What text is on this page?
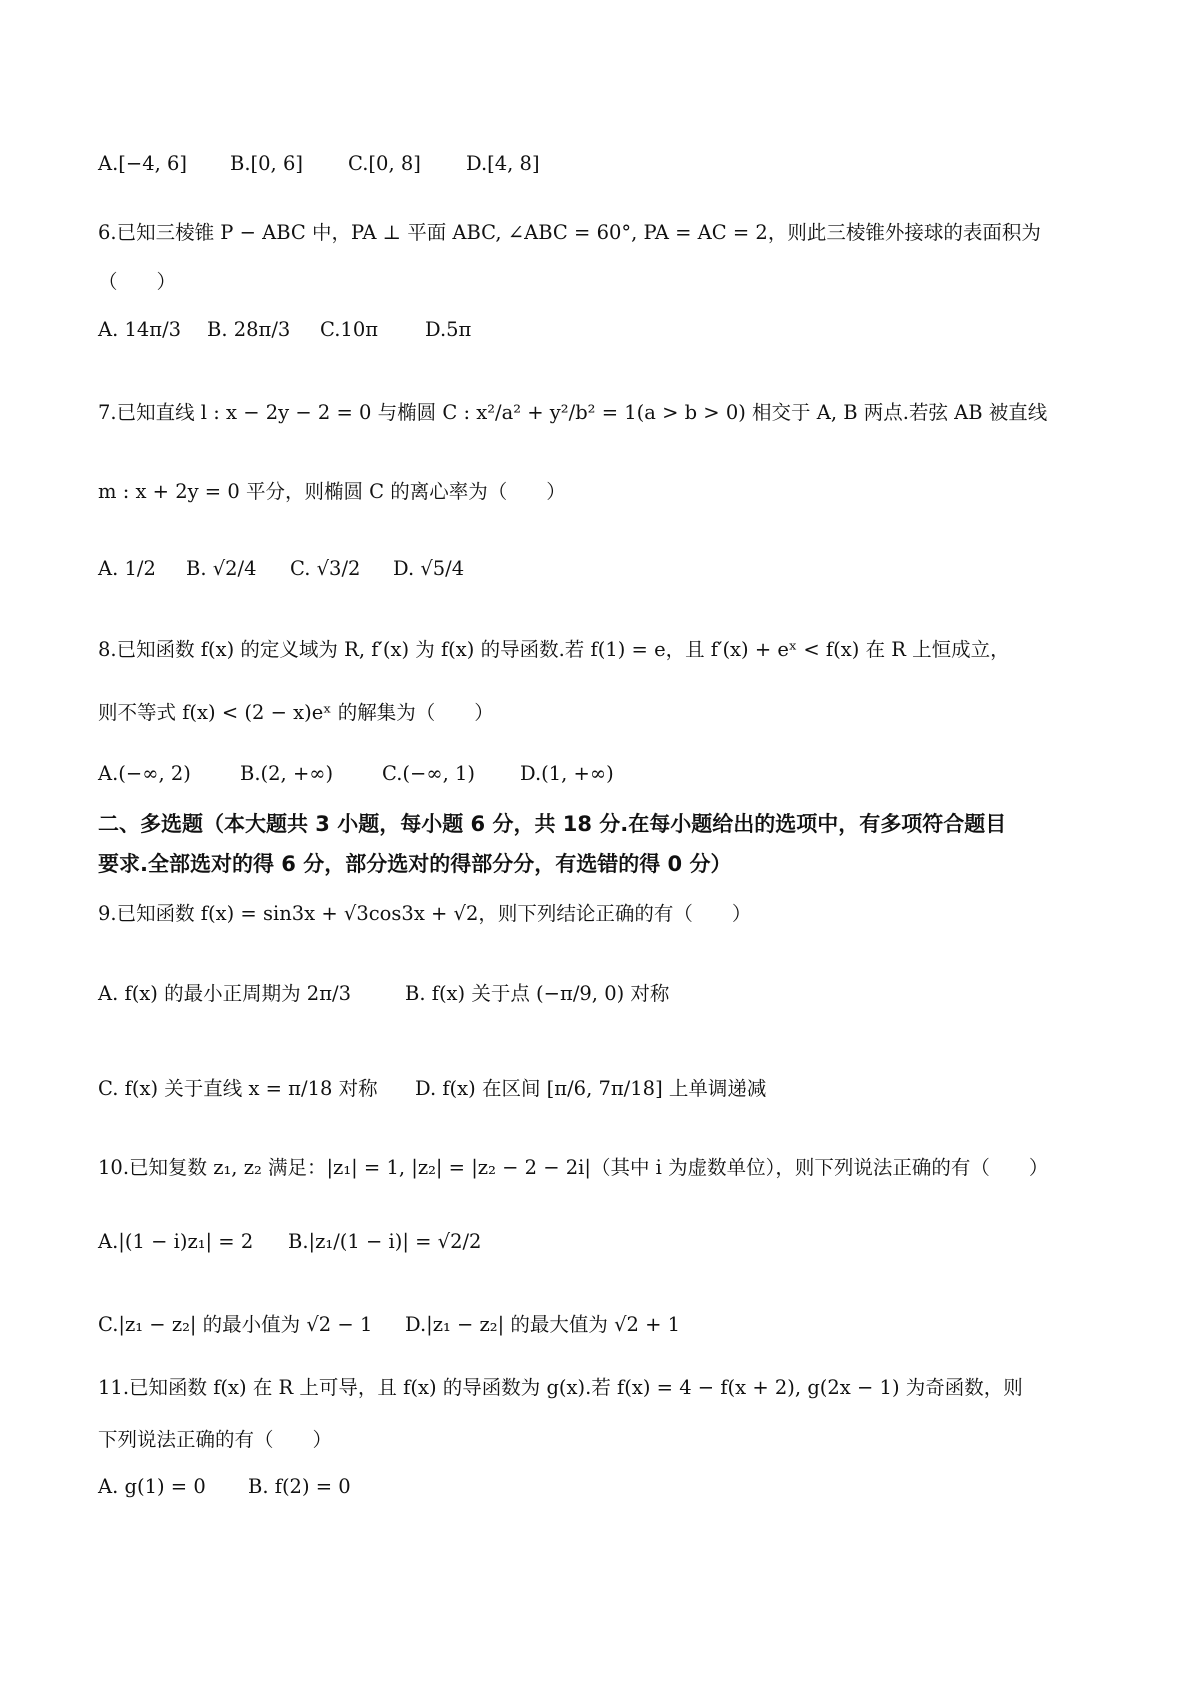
A.[−4, 6] B.[0, 6] C.[0, 8] D.[4, 8]
6.已知三棱锥 P − ABC 中，PA ⊥ 平面 ABC, ∠ABC = 60°, PA = AC = 2，则此三棱锥外接球的表面积为
（　　）
A. 14π/3 B. 28π/3 C.10π D.5π
7.已知直线 l : x − 2y − 2 = 0 与椭圆 C : x²/a² + y²/b² = 1(a > b > 0) 相交于 A, B 两点.若弦 AB 被直线
m : x + 2y = 0 平分，则椭圆 C 的离心率为（　　）
A. 1/2 B. √2/4 C. √3/2 D. √5/4
8.已知函数 f(x) 的定义域为 R, f′(x) 为 f(x) 的导函数.若 f(1) = e，且 f′(x) + eˣ < f(x) 在 R 上恒成立，
则不等式 f(x) < (2 − x)eˣ 的解集为（　　）
A.(−∞, 2)	B.(2, +∞)	C.(−∞, 1) D.(1, +∞)
二、多选题（本大题共 3 小题，每小题 6 分，共 18 分.在每小题给出的选项中，有多项符合题目
要求.全部选对的得 6 分，部分选对的得部分分，有选错的得 0 分）
9.已知函数 f(x) = sin3x + √3cos3x + √2，则下列结论正确的有（　　）
A. f(x) 的最小正周期为 2π/3	B. f(x) 关于点 (−π/9, 0) 对称
C. f(x) 关于直线 x = π/18 对称 D. f(x) 在区间 [π/6, 7π/18] 上单调递减
10.已知复数 z₁, z₂ 满足：|z₁| = 1, |z₂| = |z₂ − 2 − 2i|（其中 i 为虚数单位），则下列说法正确的有（　　）
A.|(1 − i)z₁| = 2 B.|z₁/(1 − i)| = √2/2
C.|z₁ − z₂| 的最小值为 √2 − 1 D.|z₁ − z₂| 的最大值为 √2 + 1
11.已知函数 f(x) 在 R 上可导，且 f(x) 的导函数为 g(x).若 f(x) = 4 − f(x + 2), g(2x − 1) 为奇函数，则
下列说法正确的有（　　）
A. g(1) = 0 B. f(2) = 0
